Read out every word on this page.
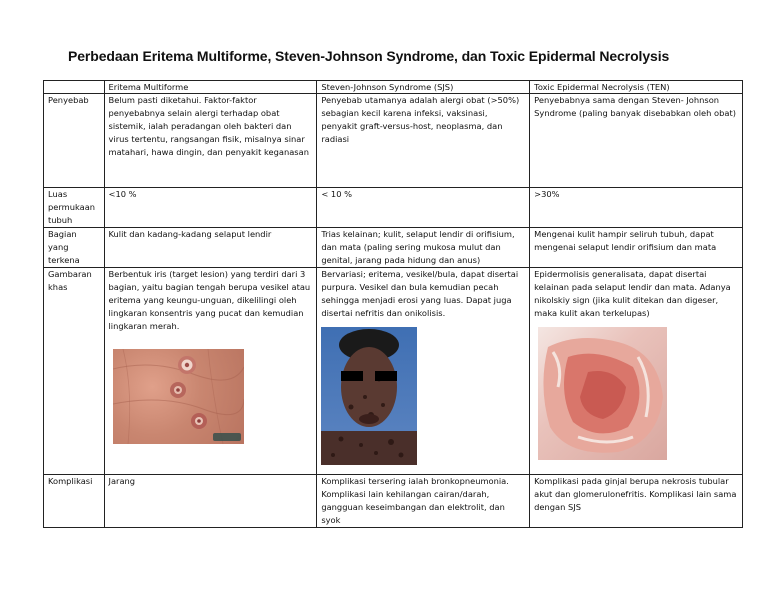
Perbedaan Eritema Multiforme, Steven-Johnson Syndrome, dan Toxic Epidermal Necrolysis
	Eritema Multiforme	Steven-Johnson Syndrome (SJS)	Toxic Epidermal Necrolysis (TEN)
Penyebab	Belum pasti diketahui. Faktor-faktor penyebabnya selain alergi terhadap obat sistemik, ialah peradangan oleh bakteri dan virus tertentu, rangsangan fisik, misalnya sinar matahari, hawa dingin, dan penyakit keganasan	Penyebab utamanya adalah alergi obat (>50%) sebagian kecil karena infeksi, vaksinasi, penyakit graft-versus-host, neoplasma, dan radiasi	Penyebabnya sama dengan Steven- Johnson Syndrome (paling banyak disebabkan oleh obat)
Luas permukaan tubuh	<10 %	< 10 %	>30%
Bagian yang terkena	Kulit dan kadang-kadang selaput lendir	Trias kelainan; kulit, selaput lendir di orifisium, dan mata (paling sering mukosa mulut dan genital, jarang pada hidung dan anus)	Mengenai kulit hampir seliruh tubuh, dapat mengenai selaput lendir orifisium dan mata
Gambaran khas	Berbentuk iris (target lesion) yang terdiri dari 3 bagian, yaitu bagian tengah berupa vesikel atau eritema yang keungu-unguan, dikelilingi oleh lingkaran konsentris yang pucat dan kemudian lingkaran merah.	Bervariasi; eritema, vesikel/bula, dapat disertai purpura. Vesikel dan bula kemudian pecah sehingga menjadi erosi yang luas. Dapat juga disertai nefritis dan onikolisis.	Epidermolisis generalisata, dapat disertai kelainan pada selaput lendir dan mata. Adanya nikolskiy sign (jika kulit ditekan dan digeser, maka kulit akan terkelupas)

Komplikasi	Jarang	Komplikasi tersering ialah bronkopneumonia. Komplikasi lain kehilangan cairan/darah, gangguan keseimbangan dan elektrolit, dan syok	Komplikasi pada ginjal berupa nekrosis tubular akut dan glomerulonefritis. Komplikasi lain sama dengan SJS
